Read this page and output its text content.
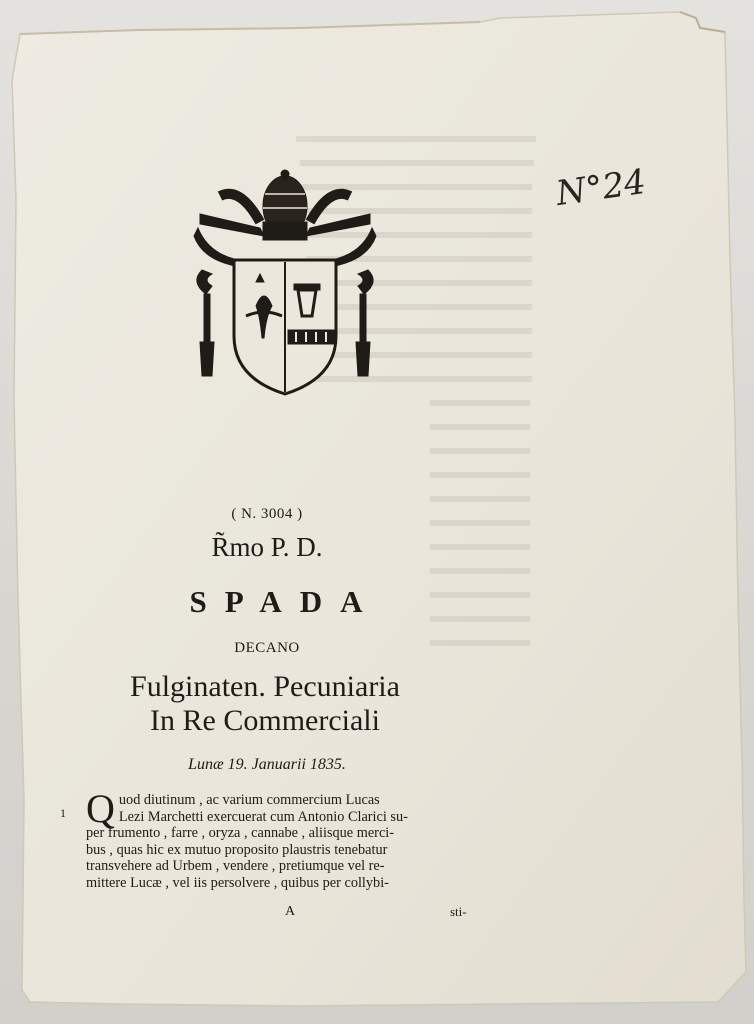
N°24
( N. 3004 )
R̃mo P. D.
SPADA
DECANO
Fulginaten. Pecuniaria
In Re Commerciali
Lunæ 19. Januarii 1835.
1 Q uod diutinum , ac varium commercium Lucas
Lezi Marchetti exercuerat cum Antonio Clarici su-
per frumento , farre , oryza , cannabe , aliisque merci-
bus , quas hic ex mutuo proposito plaustris tenebatur
transvehere ad Urbem , vendere , pretiumque vel re-
mittere Lucæ , vel iis persolvere , quibus per collybi-
A	sti-
